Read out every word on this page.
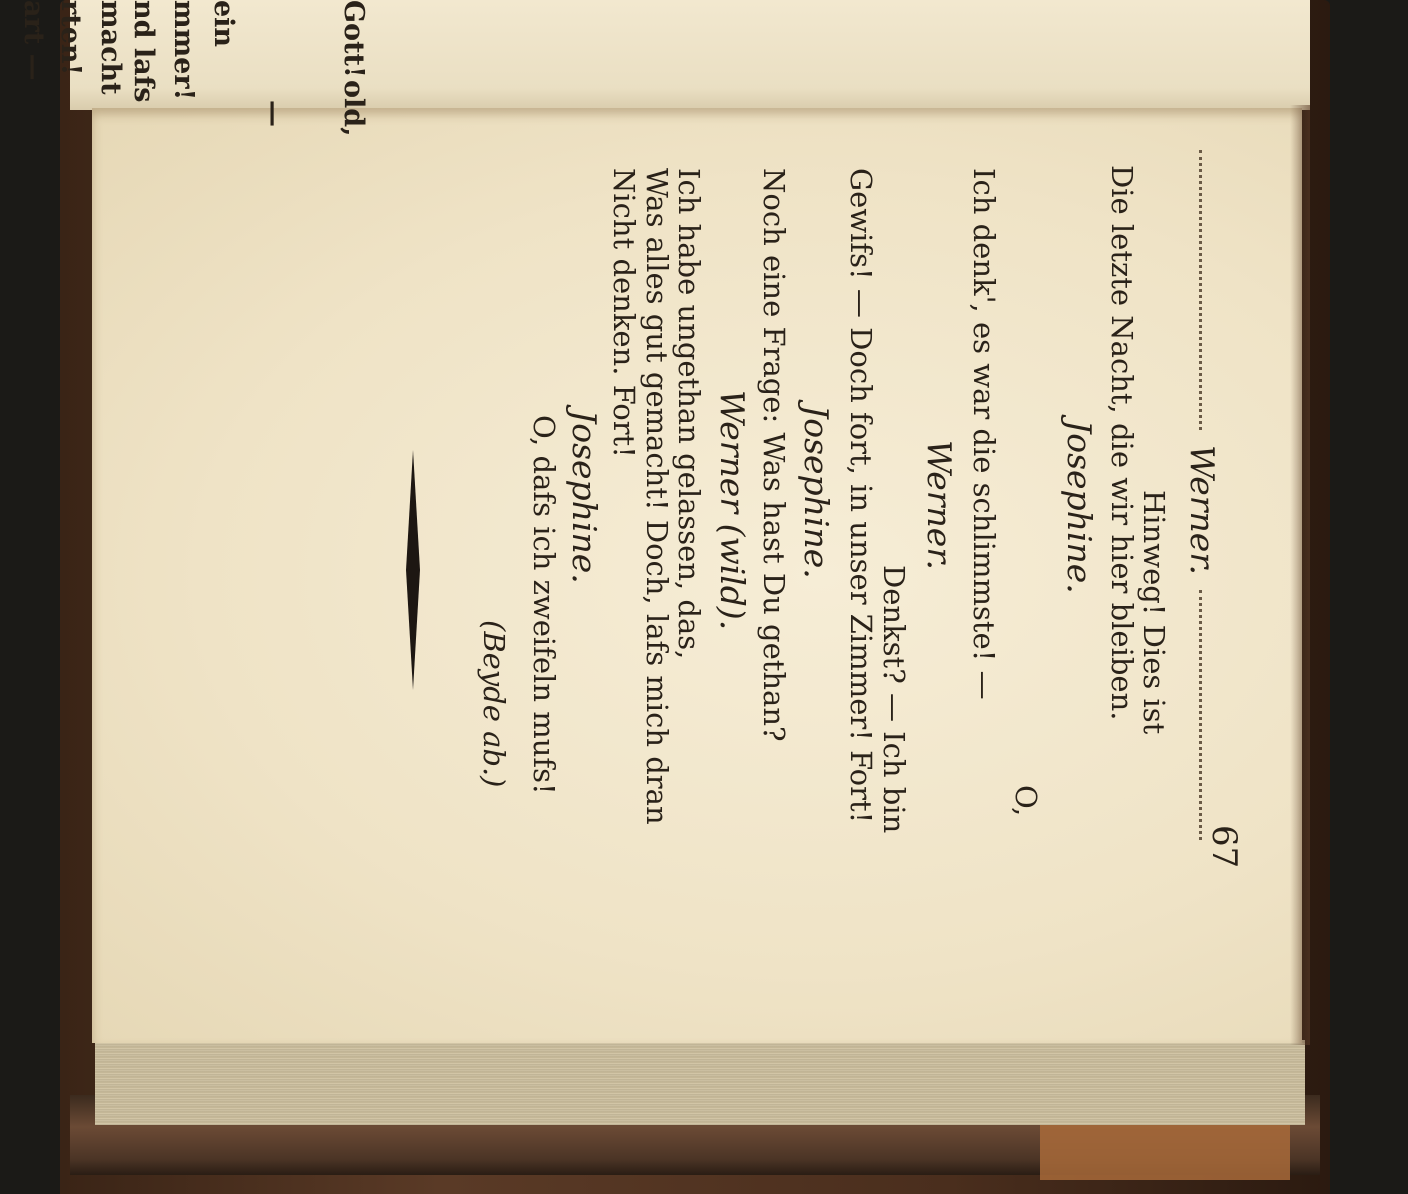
Gott!
old,
—
ein
mmer!
nd lafs
macht
rten!
art —
Werner.
67
Hinweg! Dies ist
Die letzte Nacht, die wir hier bleiben.
Josephine.
O,
Ich denk', es war die schlimmste! —
Werner.
Denkst? — Ich bin
Gewifs! — Doch fort, in unser Zimmer! Fort!
Josephine.
Noch eine Frage: Was hast Du gethan?
Werner (wild).
Ich habe ungethan gelassen, das,
Was alles gut gemacht! Doch, lafs mich dran
Nicht denken. Fort!
Josephine.
O, dafs ich zweifeln mufs!
(Beyde ab.)
